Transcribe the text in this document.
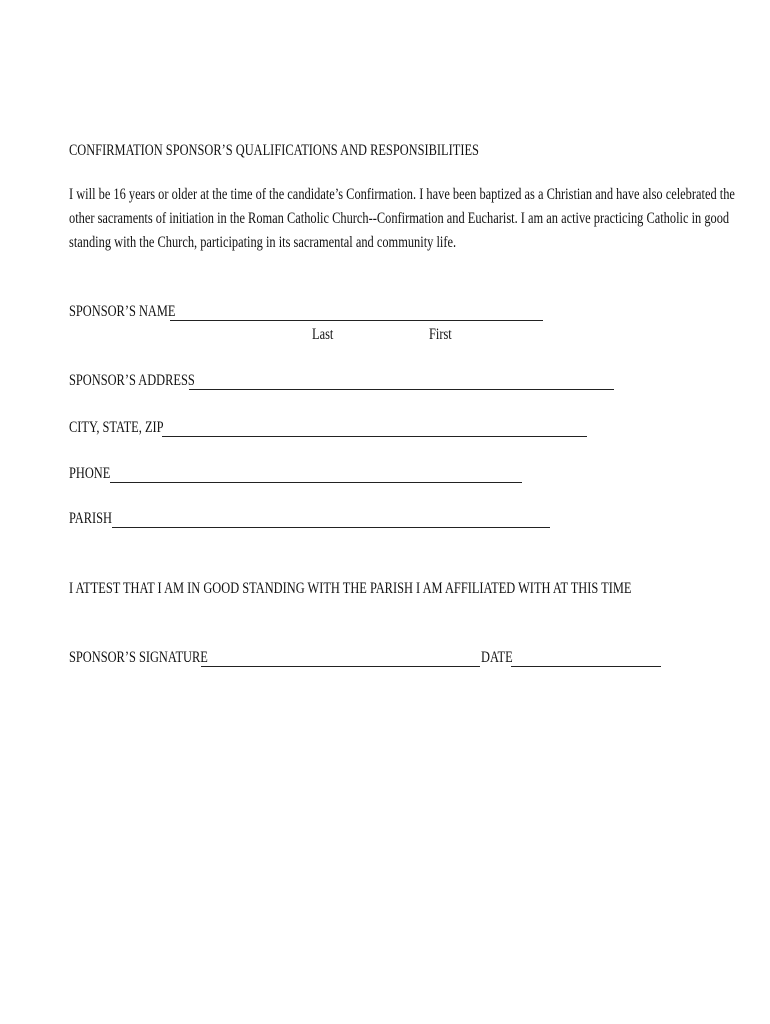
CONFIRMATION SPONSOR’S QUALIFICATIONS AND RESPONSIBILITIES
I will be 16 years or older at the time of the candidate’s Confirmation. I have been baptized as a Christian and have also celebrated the
other sacraments of initiation in the Roman Catholic Church--Confirmation and Eucharist. I am an active practicing Catholic in good
standing with the Church, participating in its sacramental and community life.
SPONSOR’S NAME
Last	First
SPONSOR’S ADDRESS
CITY, STATE, ZIP
PHONE
PARISH
I ATTEST THAT I AM IN GOOD STANDING WITH THE PARISH I AM AFFILIATED WITH AT THIS TIME
SPONSOR’S SIGNATURE	DATE
